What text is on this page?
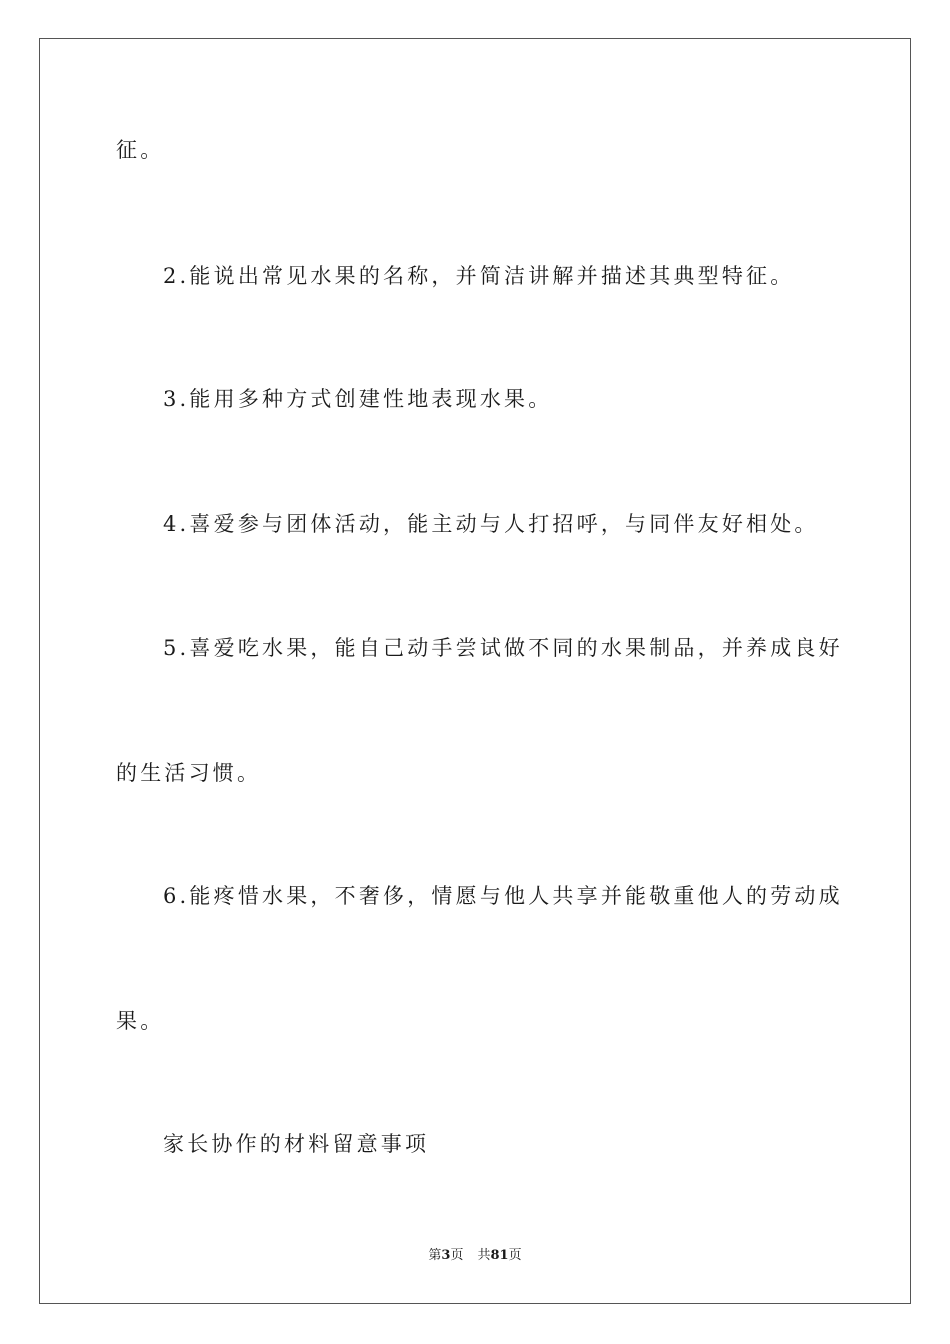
征。
2.能说出常见水果的名称，并简洁讲解并描述其典型特征。
3.能用多种方式创建性地表现水果。
4.喜爱参与团体活动，能主动与人打招呼，与同伴友好相处。
5.喜爱吃水果，能自己动手尝试做不同的水果制品，并养成良好
的生活习惯。
6.能疼惜水果，不奢侈，情愿与他人共享并能敬重他人的劳动成
果。
家长协作的材料留意事项
第3页 共81页
